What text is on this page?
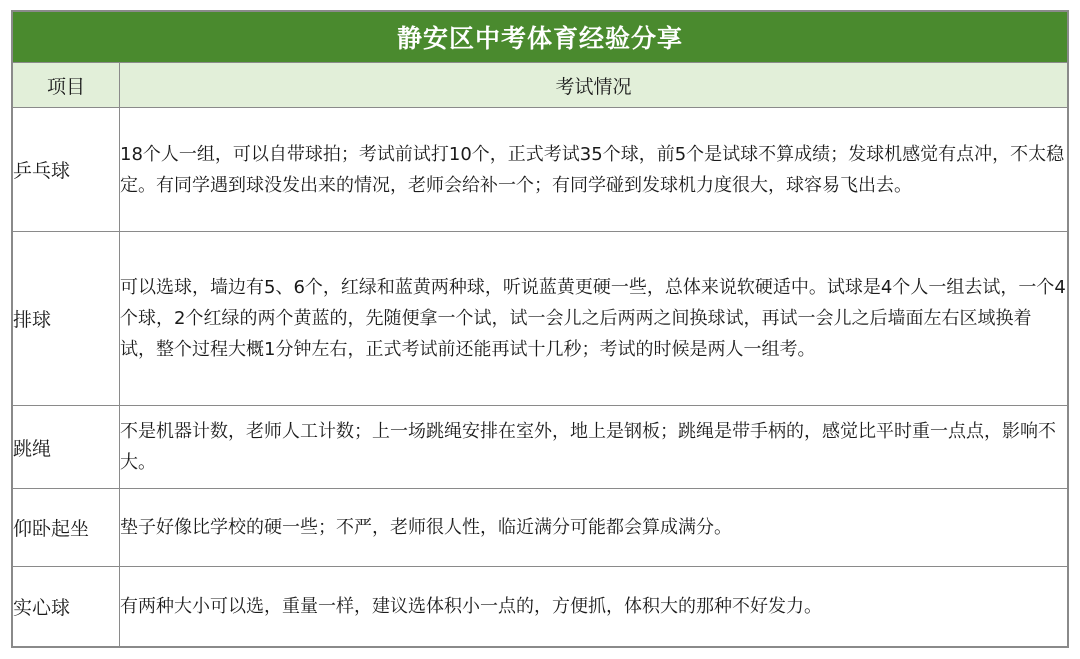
静安区中考体育经验分享	
项目	考试情况
乒乓球	18个人一组，可以自带球拍；考试前试打10个，正式考试35个球，前5个是试球不算成绩；发球机感觉有点冲，不太稳定。有同学遇到球没发出来的情况，老师会给补一个；有同学碰到发球机力度很大，球容易飞出去。
排球	可以选球，墙边有5、6个，红绿和蓝黄两种球，听说蓝黄更硬一些，总体来说软硬适中。试球是4个人一组去试，一个4个球，2个红绿的两个黄蓝的，先随便拿一个试，试一会儿之后两两之间换球试，再试一会儿之后墙面左右区域换着试，整个过程大概1分钟左右，正式考试前还能再试十几秒；考试的时候是两人一组考。
跳绳	不是机器计数，老师人工计数；上一场跳绳安排在室外，地上是钢板；跳绳是带手柄的，感觉比平时重一点点，影响不大。
仰卧起坐	垫子好像比学校的硬一些；不严，老师很人性，临近满分可能都会算成满分。
实心球	有两种大小可以选，重量一样，建议选体积小一点的，方便抓，体积大的那种不好发力。
